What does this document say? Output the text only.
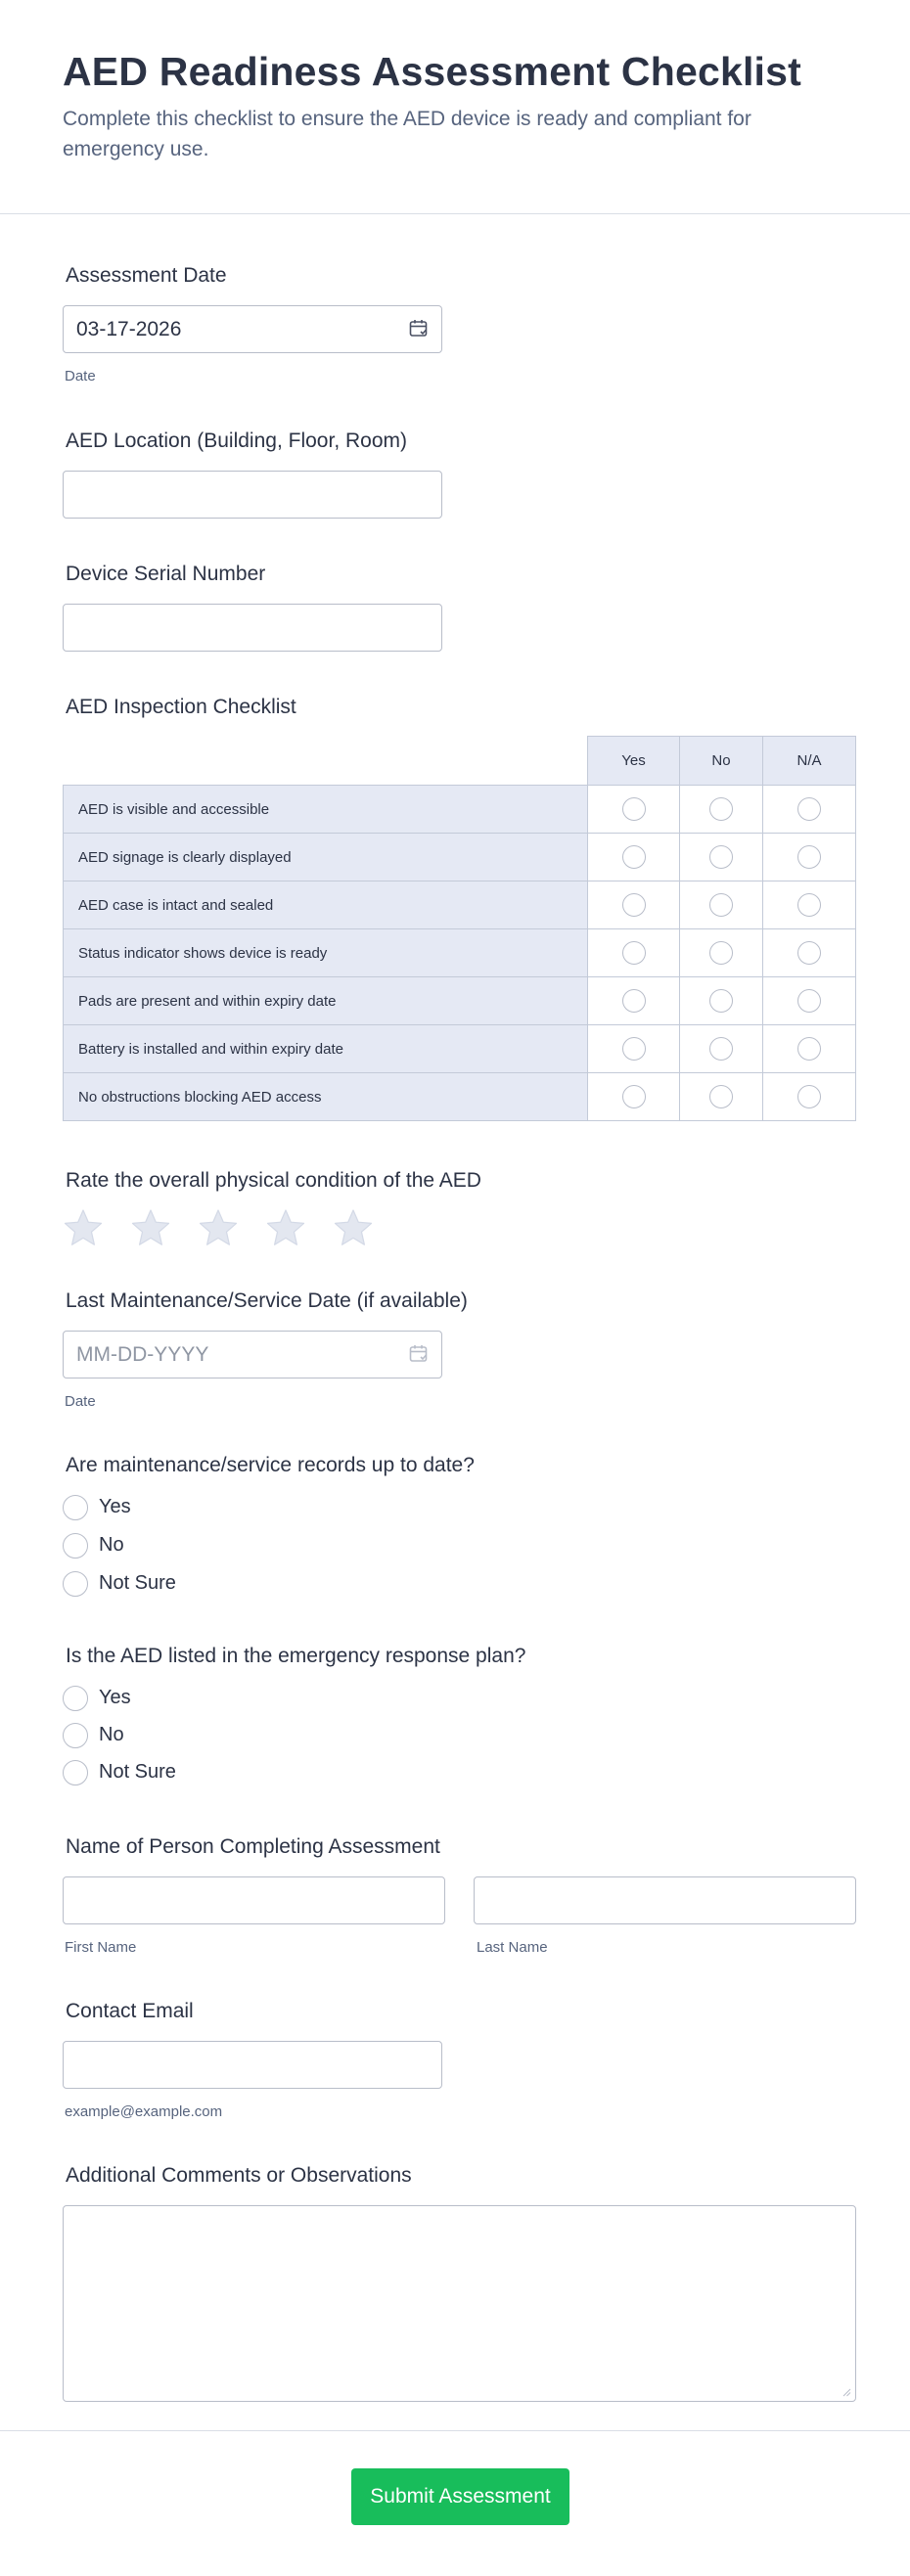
AED Readiness Assessment Checklist
Complete this checklist to ensure the AED device is ready and compliant for emergency use.
Assessment Date
03-17-2026
Date
AED Location (Building, Floor, Room)
Device Serial Number
AED Inspection Checklist
	Yes	No	N/A
AED is visible and accessible			
AED signage is clearly displayed			
AED case is intact and sealed			
Status indicator shows device is ready			
Pads are present and within expiry date			
Battery is installed and within expiry date			
No obstructions blocking AED access			
Rate the overall physical condition of the AED
Last Maintenance/Service Date (if available)
MM-DD-YYYY
Date
Are maintenance/service records up to date?
Yes
No
Not Sure
Is the AED listed in the emergency response plan?
Yes
No
Not Sure
Name of Person Completing Assessment
First Name	Last Name
Contact Email
example@example.com
Additional Comments or Observations
Submit Assessment
